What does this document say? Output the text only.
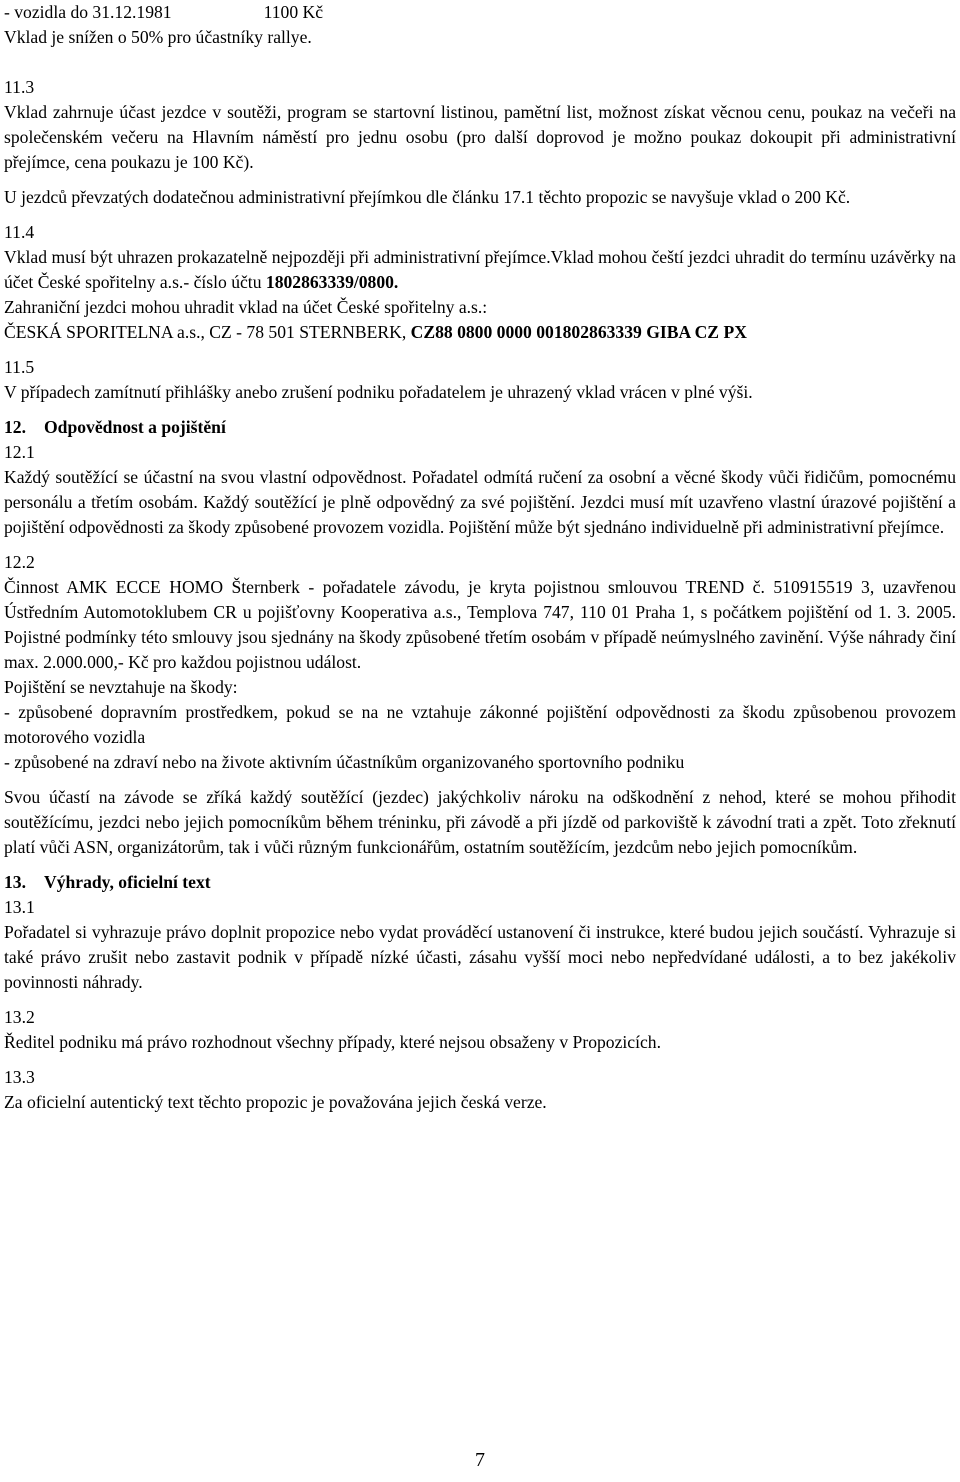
- vozidla do 31.12.1981	1100 Kč

Vklad je snížen o 50% pro účastníky rallye.

11.3

Vklad zahrnuje účast jezdce v soutěži, program se startovní listinou, pamětní list, možnost získat věcnou cenu, poukaz na večeři na společenském večeru na Hlavním náměstí pro jednu osobu (pro další doprovod je možno poukaz dokoupit při administrativní přejímce, cena poukazu je 100 Kč).

U jezdců převzatých dodatečnou administrativní přejímkou dle článku 17.1 těchto propozic se navyšuje vklad o 200 Kč.

11.4

Vklad musí být uhrazen prokazatelně nejpozději při administrativní přejímce.Vklad mohou čeští jezdci uhradit do termínu uzávěrky na účet České spořitelny a.s.- číslo účtu 1802863339/0800.

Zahraniční jezdci mohou uhradit vklad na účet České spořitelny a.s.:

ČESKÁ SPORITELNA a.s., CZ - 78 501 STERNBERK, CZ88 0800 0000 001802863339 GIBA CZ PX

11.5

V případech zamítnutí přihlášky anebo zrušení podniku pořadatelem je uhrazený vklad vrácen v plné výši.

12. Odpovědnost a pojištění

12.1

Každý soutěžící se účastní na svou vlastní odpovědnost. Pořadatel odmítá ručení za osobní a věcné škody vůči řidičům, pomocnému personálu a třetím osobám. Každý soutěžící je plně odpovědný za své pojištění. Jezdci musí mít uzavřeno vlastní úrazové pojištění a pojištění odpovědnosti za škody způsobené provozem vozidla. Pojištění může být sjednáno individuelně při administrativní přejímce.

12.2

Činnost AMK ECCE HOMO Šternberk - pořadatele závodu, je kryta pojistnou smlouvou TREND č. 510915519 3, uzavřenou Ústředním Automotoklubem CR u pojišťovny Kooperativa a.s., Templova 747, 110 01 Praha 1, s počátkem pojištění od 1. 3. 2005. Pojistné podmínky této smlouvy jsou sjednány na škody způsobené třetím osobám v případě neúmyslného zavinění. Výše náhrady činí max. 2.000.000,- Kč pro každou pojistnou událost.

Pojištění se nevztahuje na škody:

- způsobené dopravním prostředkem, pokud se na ne vztahuje zákonné pojištění odpovědnosti za škodu způsobenou provozem motorového vozidla

- způsobené na zdraví nebo na živote aktivním účastníkům organizovaného sportovního podniku

Svou účastí na závode se zříká každý soutěžící (jezdec) jakýchkoliv nároku na odškodnění z nehod, které se mohou přihodit soutěžícímu, jezdci nebo jejich pomocníkům během tréninku, při závodě a při jízdě od parkoviště k závodní trati a zpět. Toto zřeknutí platí vůči ASN, organizátorům, tak i vůči různým funkcionářům, ostatním soutěžícím, jezdcům nebo jejich pomocníkům.

13. Výhrady, oficielní text

13.1

Pořadatel si vyhrazuje právo doplnit propozice nebo vydat prováděcí ustanovení či instrukce, které budou jejich součástí. Vyhrazuje si také právo zrušit nebo zastavit podnik v případě nízké účasti, zásahu vyšší moci nebo nepředvídané události, a to bez jakékoliv povinnosti náhrady.

13.2

Ředitel podniku má právo rozhodnout všechny případy, které nejsou obsaženy v Propozicích.

13.3

Za oficielní autentický text těchto propozic je považována jejich česká verze.

7
